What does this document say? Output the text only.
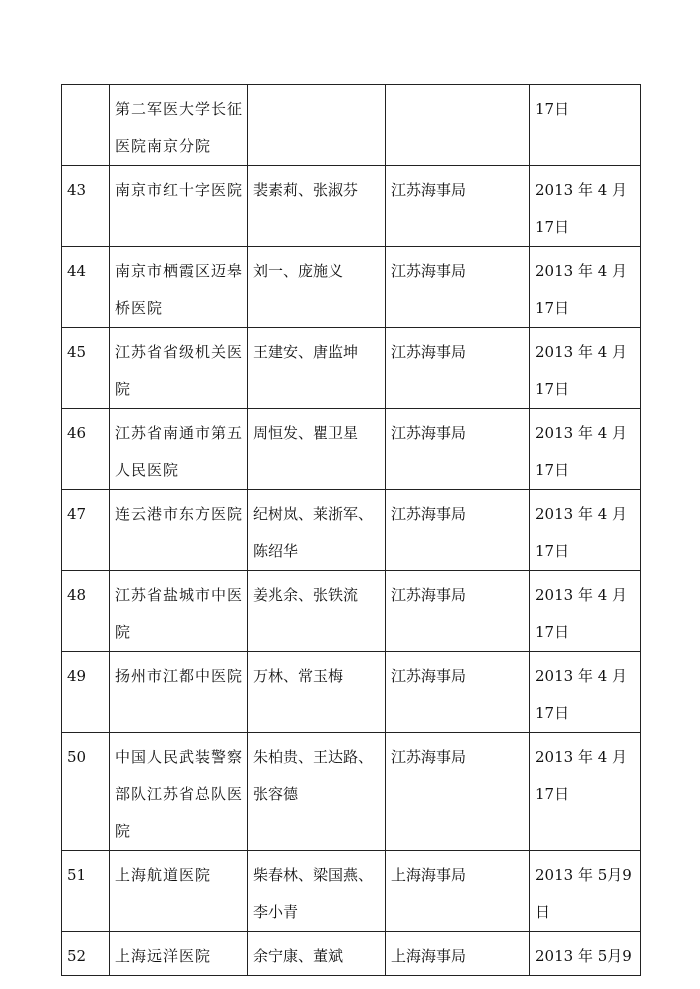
	第二军医大学长征医院南京分院			17日
43	南京市红十字医院	裴素莉、张淑芬	江苏海事局	2013 年 4 月 17日
44	南京市栖霞区迈皋桥医院	刘一、庞施义	江苏海事局	2013 年 4 月 17日
45	江苏省省级机关医院	王建安、唐监坤	江苏海事局	2013 年 4 月 17日
46	江苏省南通市第五人民医院	周恒发、瞿卫星	江苏海事局	2013 年 4 月 17日
47	连云港市东方医院	纪树岚、莱浙军、陈绍华	江苏海事局	2013 年 4 月 17日
48	江苏省盐城市中医院	姜兆余、张铁流	江苏海事局	2013 年 4 月 17日
49	扬州市江都中医院	万林、常玉梅	江苏海事局	2013 年 4 月 17日
50	中国人民武装警察部队江苏省总队医院	朱柏贵、王达路、张容德	江苏海事局	2013 年 4 月 17日
51	上海航道医院	柴春林、梁国燕、李小青	上海海事局	2013 年 5月9日
52	上海远洋医院	余宁康、董斌	上海海事局	2013 年 5月9
